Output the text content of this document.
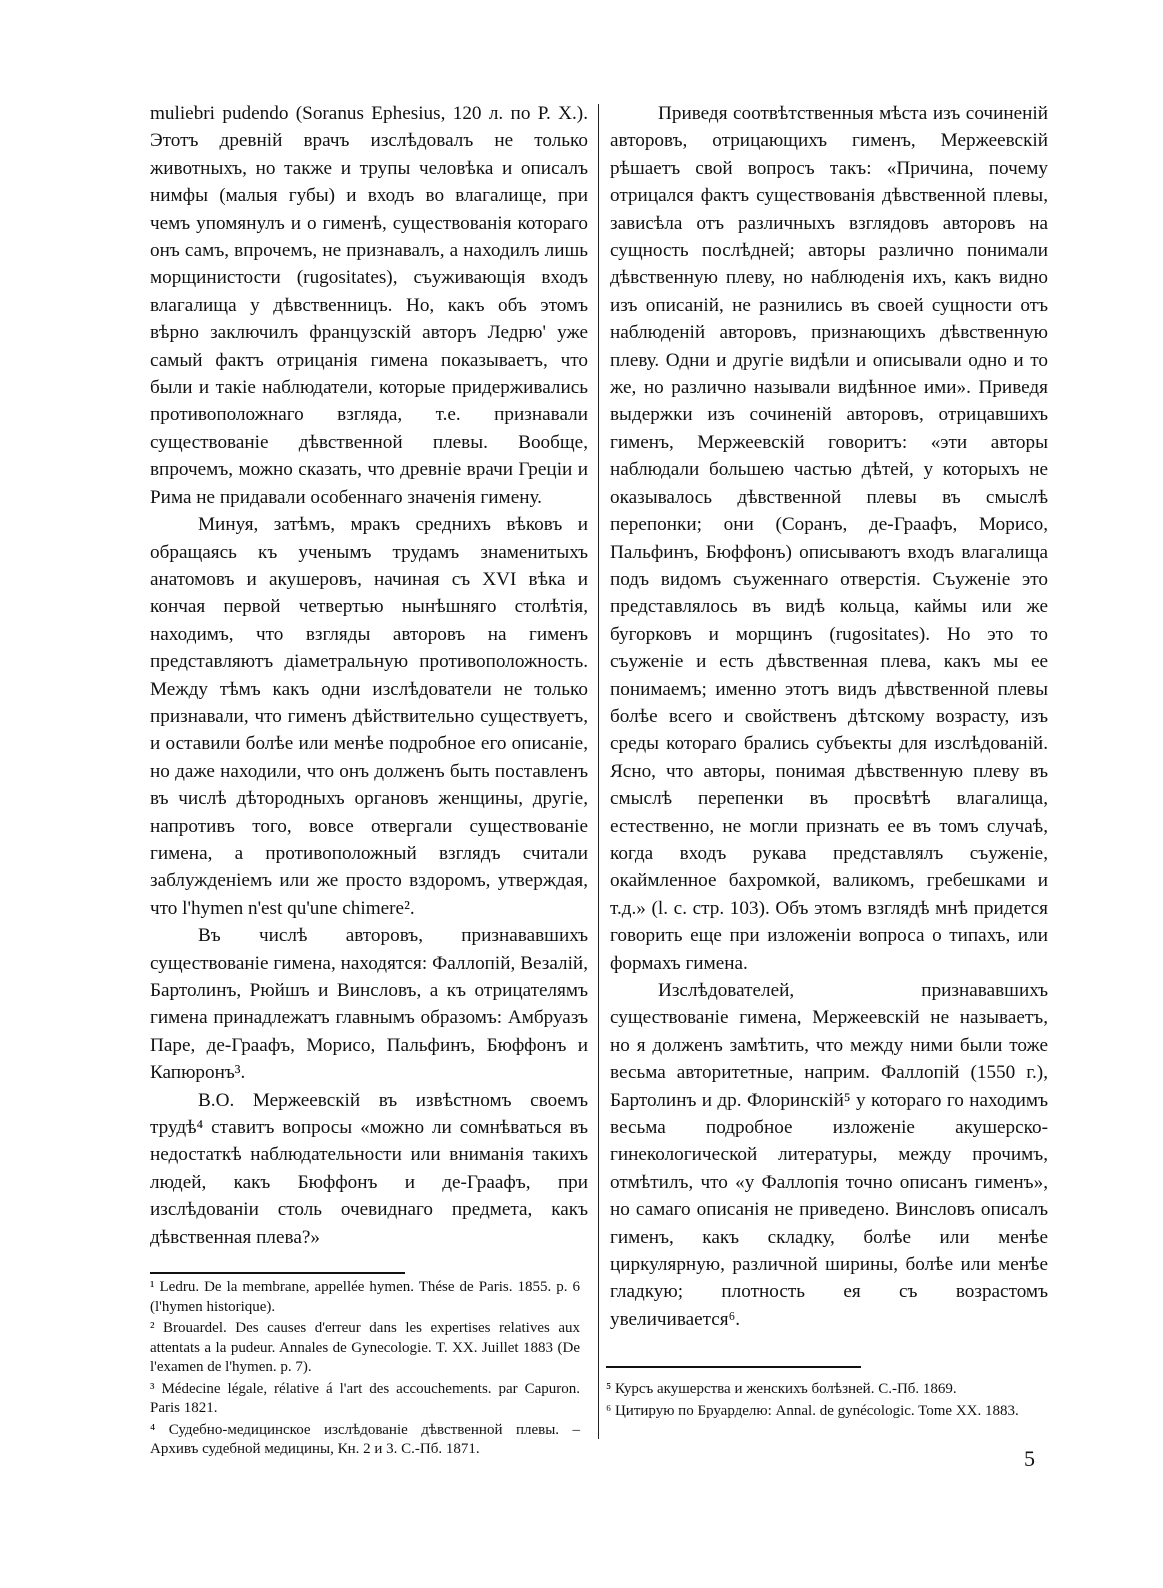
muliebri pudendo (Soranus Ephesius, 120 л. по Р. Х.). Этотъ древній врачъ изслѣдовалъ не только животныхъ, но также и трупы человѣка и описалъ нимфы (малыя губы) и входъ во влагалище, при чемъ упомянулъ и о гименѣ, существованія котораго онъ самъ, впрочемъ, не признавалъ, а находилъ лишь морщинистости (rugositates), съуживающія входъ влагалища у дѣвственницъ. Но, какъ объ этомъ вѣрно заключилъ французскій авторъ Ледрю' уже самый фактъ отрицанія гимена показываетъ, что были и такіе наблюдатели, которые придерживались противоположнаго взгляда, т.е. признавали существованіе дѣвственной плевы. Вообще, впрочемъ, можно сказать, что древніе врачи Греціи и Рима не придавали особеннаго значенія гимену.

Минуя, затѣмъ, мракъ среднихъ вѣковъ и обращаясь къ ученымъ трудамъ знаменитыхъ анатомовъ и акушеровъ, начиная съ XVI вѣка и кончая первой четвертью нынѣшняго столѣтія, находимъ, что взгляды авторовъ на гименъ представляютъ діаметральную противоположность. Между тѣмъ какъ одни изслѣдователи не только признавали, что гименъ дѣйствительно существуетъ, и оставили болѣе или менѣе подробное его описаніе, но даже находили, что онъ долженъ быть поставленъ въ числѣ дѣтородныхъ органовъ женщины, другіе, напротивъ того, вовсе отвергали существованіе гимена, а противоположный взглядъ считали заблужденіемъ или же просто вздоромъ, утверждая, что l'hymen n'est qu'une chimere².

Въ числѣ авторовъ, признававшихъ существованіе гимена, находятся: Фаллопій, Везалій, Бартолинъ, Рюйшъ и Винсловъ, а къ отрицателямъ гимена принадлежатъ главнымъ образомъ: Амбруазъ Паре, де-Граафъ, Морисо, Пальфинъ, Бюффонъ и Капюронъ³.

В.О. Мержеевскій въ извѣстномъ своемъ трудѣ⁴ ставитъ вопросы «можно ли сомнѣваться въ недостаткѣ наблюдательности или вниманія такихъ людей, какъ Бюффонъ и де-Граафъ, при изслѣдованіи столь очевиднаго предмета, какъ дѣвственная плева?»

Приведя соотвѣтственныя мѣста изъ сочиненій авторовъ, отрицающихъ гименъ, Мержеевскій рѣшаетъ свой вопросъ такъ: «Причина, почему отрицался фактъ существованія дѣвственной плевы, зависѣла отъ различныхъ взглядовъ авторовъ на сущность послѣдней; авторы различно понимали дѣвственную плеву, но наблюденія ихъ, какъ видно изъ описаній, не разнились въ своей сущности отъ наблюденій авторовъ, признающихъ дѣвственную плеву. Одни и другіе видѣли и описывали одно и то же, но различно называли видѣнное ими». Приведя выдержки изъ сочиненій авторовъ, отрицавшихъ гименъ, Мержеевскій говоритъ: «эти авторы наблюдали большею частью дѣтей, у которыхъ не оказывалось дѣвственной плевы въ смыслѣ перепонки; они (Соранъ, де-Граафъ, Морисо, Пальфинъ, Бюффонъ) описываютъ входъ влагалища подъ видомъ съуженнаго отверстія. Съуженіе это представлялось въ видѣ кольца, каймы или же бугорковъ и морщинъ (rugositates). Но это то съуженіе и есть дѣвственная плева, какъ мы ее понимаемъ; именно этотъ видъ дѣвственной плевы болѣе всего и свойственъ дѣтскому возрасту, изъ среды котораго брались субъекты для изслѣдованій. Ясно, что авторы, понимая дѣвственную плеву въ смыслѣ перепенки въ просвѣтѣ влагалища, естественно, не могли признать ее въ томъ случаѣ, когда входъ рукава представлялъ съуженіе, окаймленное бахромкой, валикомъ, гребешками и т.д.» (l. c. стр. 103). Объ этомъ взглядѣ мнѣ придется говорить еще при изложеніи вопроса о типахъ, или формахъ гимена.

Изслѣдователей, признававшихъ существованіе гимена, Мержеевскій не называетъ, но я долженъ замѣтить, что между ними были тоже весьма авторитетные, наприм. Фаллопій (1550 г.), Бартолинъ и др. Флоринскій⁵ у котораго го находимъ весьма подробное изложеніе акушерско-гинекологической литературы, между прочимъ, отмѣтилъ, что «у Фаллопія точно описанъ гименъ», но самаго описанія не приведено. Винсловъ описалъ гименъ, какъ складку, болѣе или менѣе циркулярную, различной ширины, болѣе или менѣе гладкую; плотность ея съ возрастомъ увеличивается⁶.

¹ Ledru. De la membrane, appellée hymen. Thése de Paris. 1855. p. 6 (l'hymen historique).

² Brouardel. Des causes d'erreur dans les expertises relatives aux attentats a la pudeur. Annales de Gynecologie. T. XX. Juillet 1883 (De l'examen de l'hymen. p. 7).

³ Médecine légale, rélative á l'art des accouchements. par Capuron. Paris 1821.

⁴ Судебно-медицинское изслѣдованіе дѣвственной плевы. – Архивъ судебной медицины, Кн. 2 и 3. С.-Пб. 1871.

⁵ Курсъ акушерства и женскихъ болѣзней. С.-Пб. 1869.

⁶ Цитирую по Бруарделю: Annal. de gynécologic. Tome XX. 1883.

5
